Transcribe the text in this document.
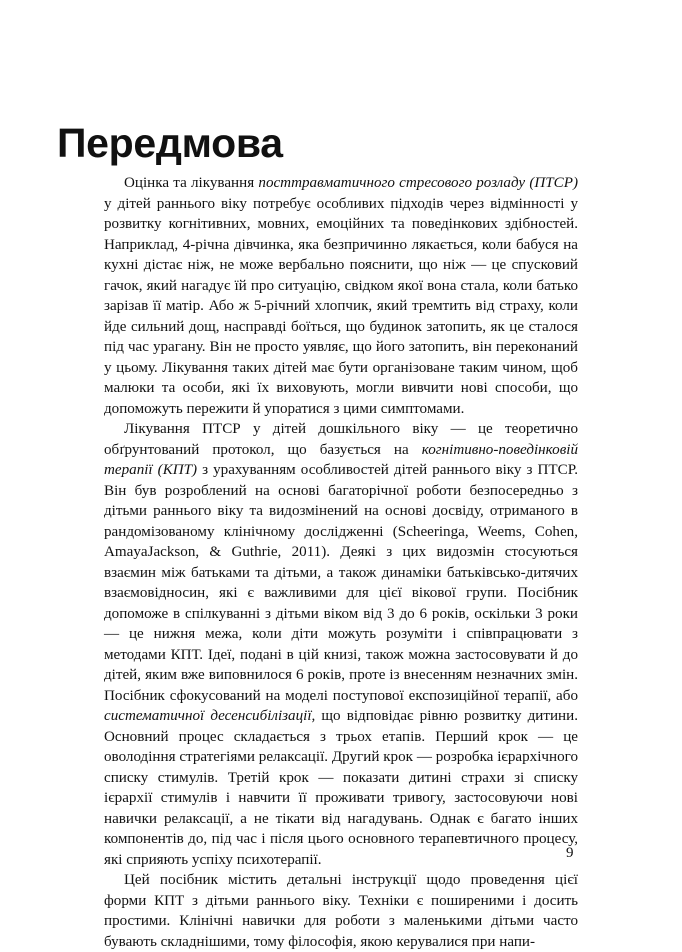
Передмова

Оцінка та лікування посттравматичного стресового розладу (ПТСР) у дітей раннього віку потребує особливих підходів через відмінності у розвитку когнітивних, мовних, емоційних та поведінкових здібностей. Наприклад, 4-річна дівчинка, яка безпричинно лякається, коли бабуся на кухні дістає ніж, не може вербально пояснити, що ніж — це спусковий гачок, який нагадує їй про ситуацію, свідком якої вона стала, коли батько зарізав її матір. Або ж 5-річний хлопчик, який тремтить від страху, коли йде сильний дощ, насправді боїться, що будинок затопить, як це сталося під час урагану. Він не просто уявляє, що його затопить, він переконаний у цьому. Лікування таких дітей має бути організоване таким чином, щоб малюки та особи, які їх виховують, могли вивчити нові способи, що допоможуть пережити й упоратися з цими симптомами.

Лікування ПТСР у дітей дошкільного віку — це теоретично обґрунтований протокол, що базується на когнітивно-поведінковій терапії (КПТ) з урахуванням особливостей дітей раннього віку з ПТСР. Він був розроблений на основі багаторічної роботи безпосередньо з дітьми раннього віку та видозмінений на основі досвіду, отриманого в рандомізованому клінічному дослідженні (Scheeringa, Weems, Cohen, AmayaJackson, & Guthrie, 2011). Деякі з цих видозмін стосуються взаємин між батьками та дітьми, а також динаміки батьківсько-дитячих взаємовідносин, які є важливими для цієї вікової групи. Посібник допоможе в спілкуванні з дітьми віком від 3 до 6 років, оскільки 3 роки — це нижня межа, коли діти можуть розуміти і співпрацювати з методами КПТ. Ідеї, подані в цій книзі, також можна застосовувати й до дітей, яким вже виповнилося 6 років, проте із внесенням незначних змін. Посібник сфокусований на моделі поступової експозиційної терапії, або систематичної десенсибілізації, що відповідає рівню розвитку дитини. Основний процес складається з трьох етапів. Перший крок — це оволодіння стратегіями релаксації. Другий крок — розробка ієрархічного списку стимулів. Третій крок — показати дитині страхи зі списку ієрархії стимулів і навчити її проживати тривогу, застосовуючи нові навички релаксації, а не тікати від нагадувань. Однак є багато інших компонентів до, під час і після цього основного терапевтичного процесу, які сприяють успіху психотерапії.

Цей посібник містить детальні інструкції щодо проведення цієї форми КПТ з дітьми раннього віку. Техніки є поширеними і досить простими. Клінічні навички для роботи з маленькими дітьми часто бувають складнішими, тому філософія, якою керувалися при напи-

9
